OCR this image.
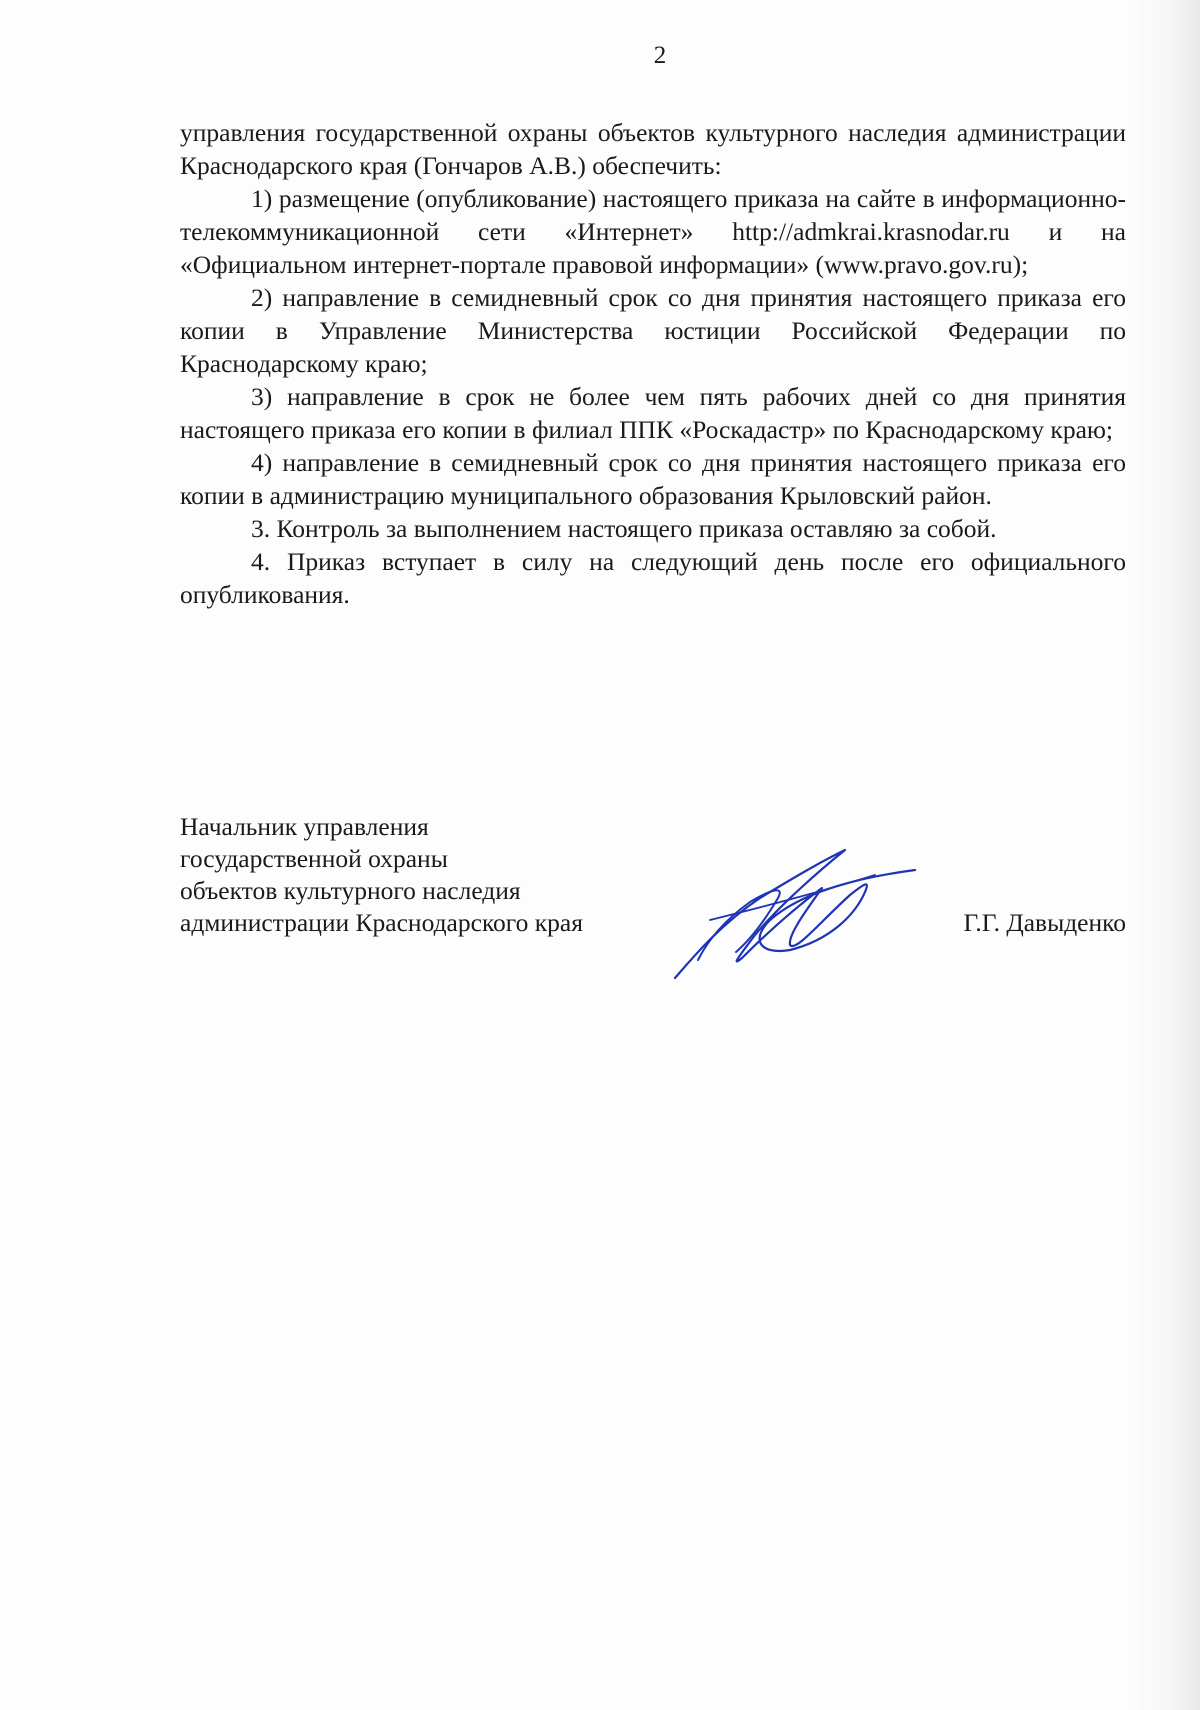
2

управления государственной охраны объектов культурного наследия администрации Краснодарского края (Гончаров А.В.) обеспечить:

1) размещение (опубликование) настоящего приказа на сайте в информационно-телекоммуникационной сети «Интернет» http://admkrai.krasnodar.ru и на «Официальном интернет-портале правовой информации» (www.pravo.gov.ru);

2) направление в семидневный срок со дня принятия настоящего приказа его копии в Управление Министерства юстиции Российской Федерации по Краснодарскому краю;

3) направление в срок не более чем пять рабочих дней со дня принятия настоящего приказа его копии в филиал ППК «Роскадастр» по Краснодарскому краю;

4) направление в семидневный срок со дня принятия настоящего приказа его копии в администрацию муниципального образования Крыловский район.

3. Контроль за выполнением настоящего приказа оставляю за собой.

4. Приказ вступает в силу на следующий день после его официального опубликования.

Начальник управления
государственной охраны
объектов культурного наследия
администрации Краснодарского края	Г.Г. Давыденко
